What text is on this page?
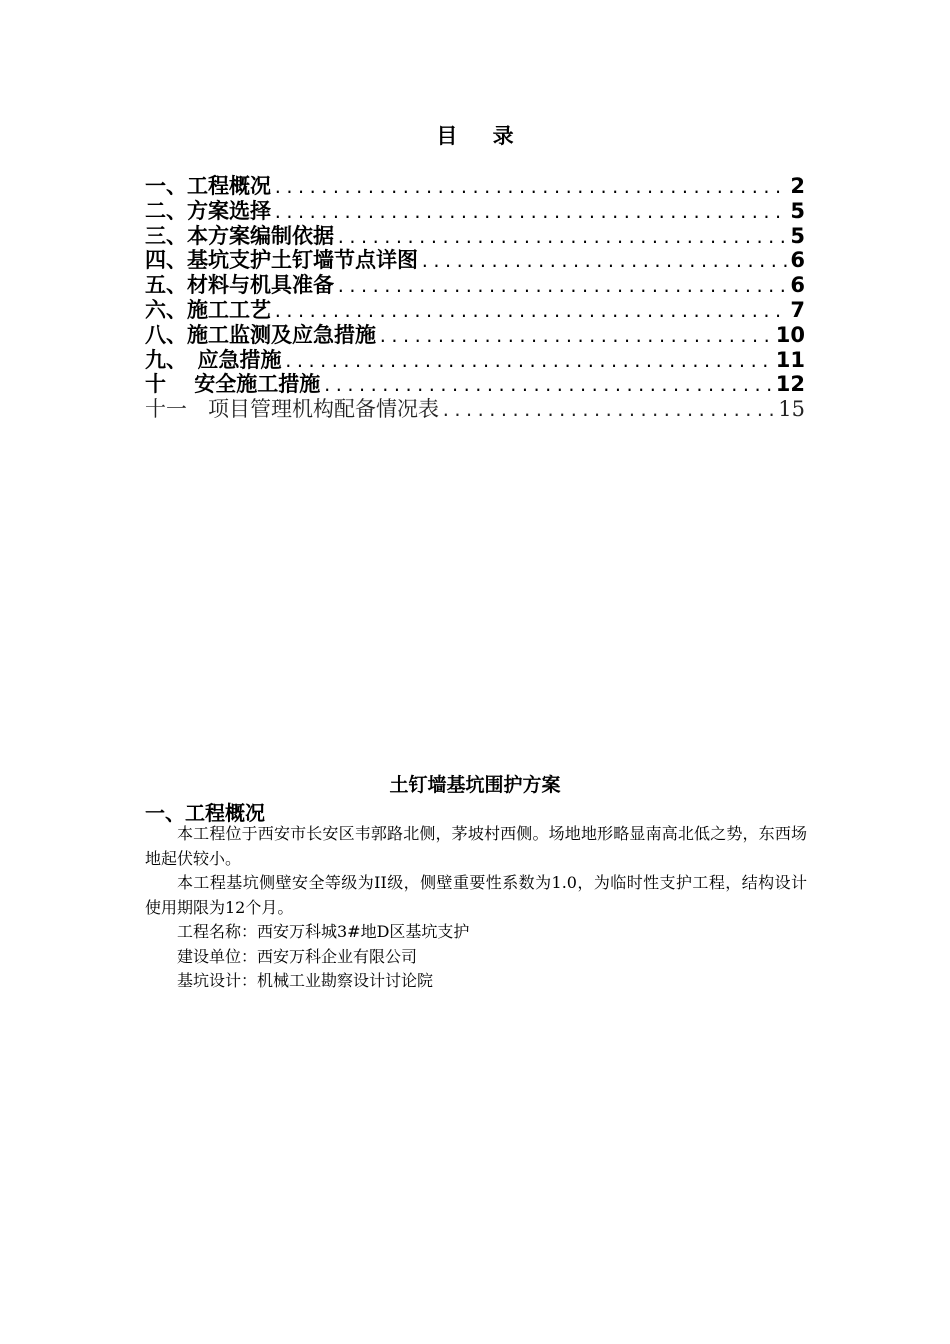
目 录
一、工程概况 .....	2
二、方案选择 .....	5
三、本方案编制依据 .....	5
四、基坑支护土钉墙节点详图 .....	6
五、材料与机具准备 .....	6
六、施工工艺 .....	7
八、施工监测及应急措施 .....	10
九、　应急措施 .....	11
十　 安全施工措施 .....	12
十一　项目管理机构配备情况表 .....	15
土钉墙基坑围护方案
一、工程概况

本工程位于西安市长安区韦郭路北侧，茅坡村西侧。场地地形略显南高北低之势，东西场地起伏较小。

本工程基坑侧壁安全等级为II级，侧壁重要性系数为1.0，为临时性支护工程，结构设计使用期限为12个月。

工程名称：西安万科城3#地D区基坑支护

建设单位：西安万科企业有限公司

基坑设计：机械工业勘察设计讨论院
